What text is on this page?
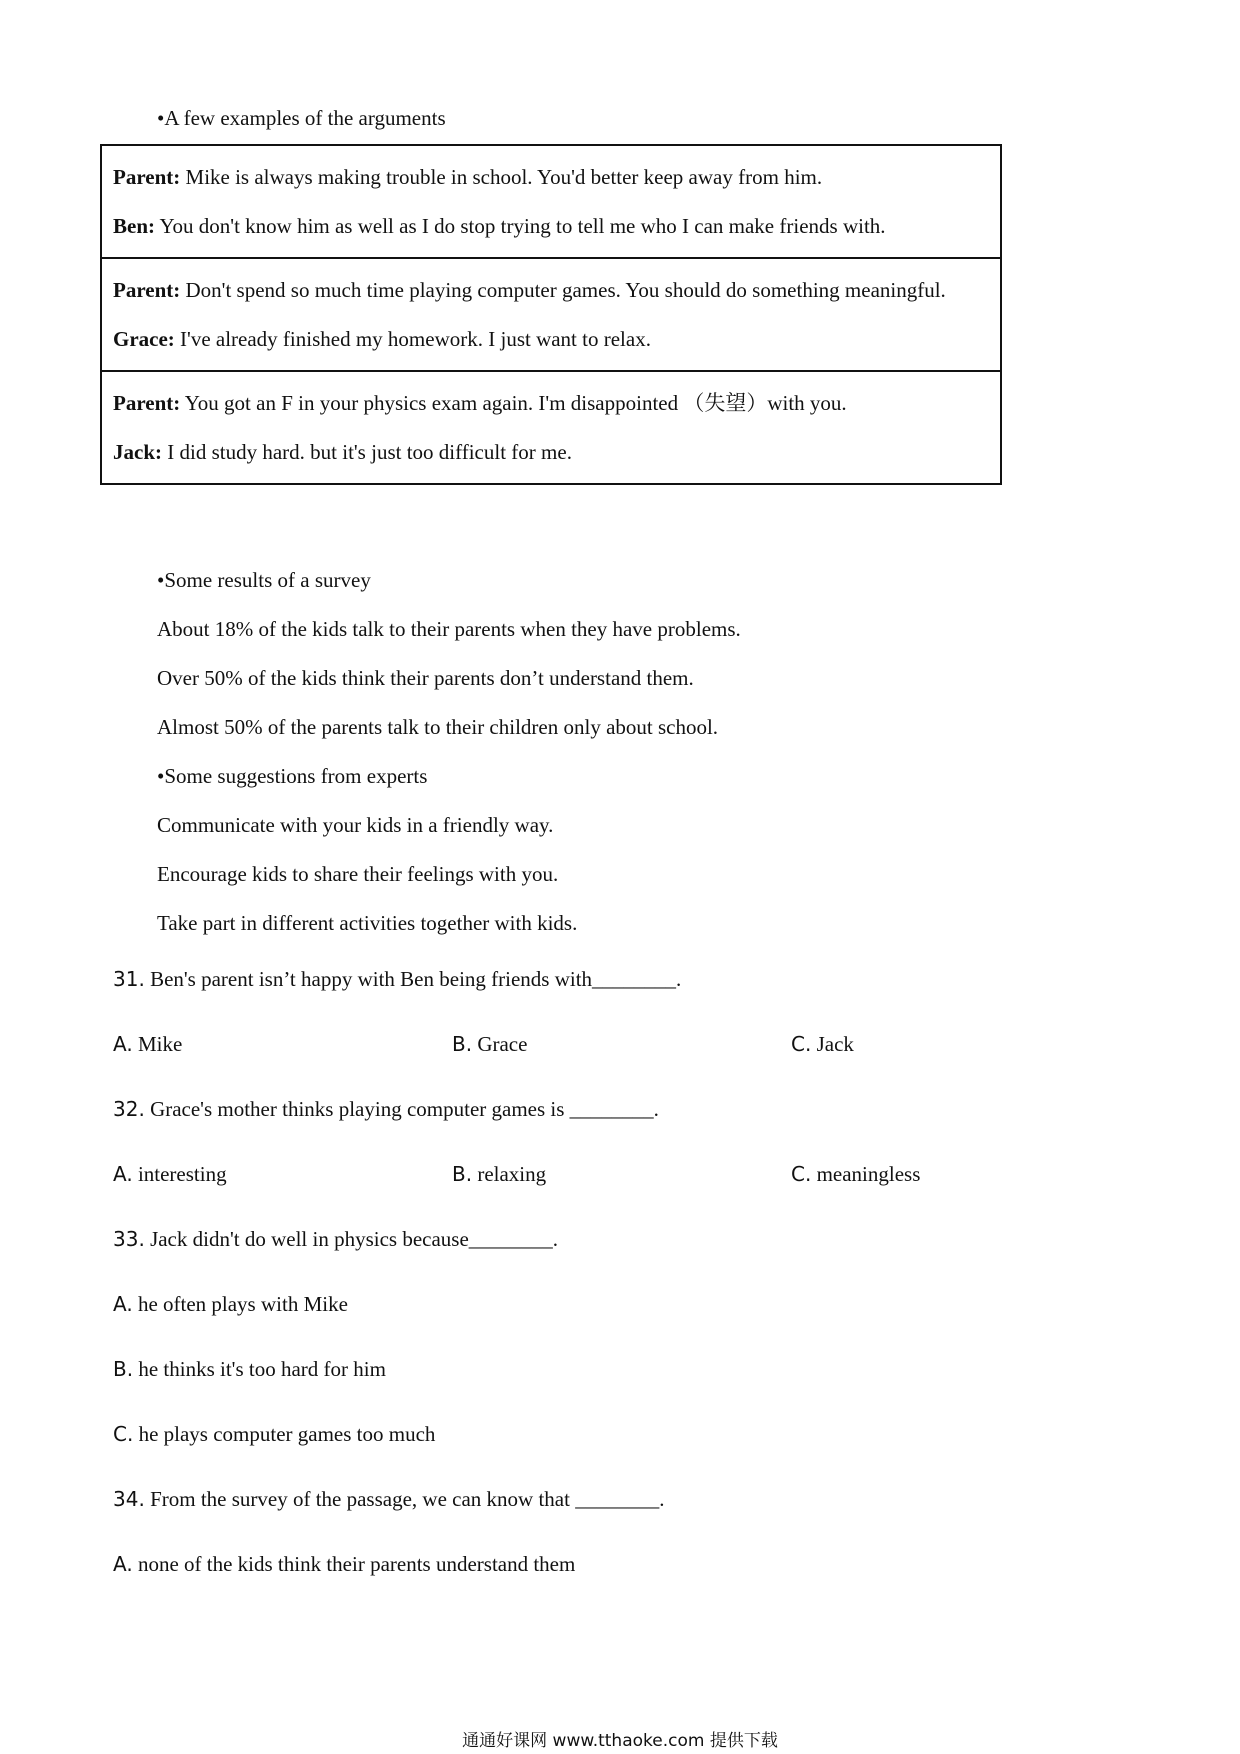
•A few examples of the arguments
Parent: Mike is always making trouble in school. You'd better keep away from him.
Ben: You don't know him as well as I do stop trying to tell me who I can make friends with.

Parent: Don't spend so much time playing computer games. You should do something meaningful.
Grace: I've already finished my homework. I just want to relax.

Parent: You got an F in your physics exam again. I'm disappointed （失望）with you.
Jack: I did study hard. but it's just too difficult for me.
•Some results of a survey
About 18% of the kids talk to their parents when they have problems.
Over 50% of the kids think their parents don’t understand them.
Almost 50% of the parents talk to their children only about school.
•Some suggestions from experts
Communicate with your kids in a friendly way.
Encourage kids to share their feelings with you.
Take part in different activities together with kids.
31. Ben's parent isn’t happy with Ben being friends with________.
A. Mike	B. Grace	C. Jack
32. Grace's mother thinks playing computer games is ________.
A. interesting	B. relaxing	C. meaningless
33. Jack didn't do well in physics because________.
A. he often plays with Mike
B. he thinks it's too hard for him
C. he plays computer games too much
34. From the survey of the passage, we can know that ________.
A. none of the kids think their parents understand them
通通好课网 www.tthaoke.com 提供下载
